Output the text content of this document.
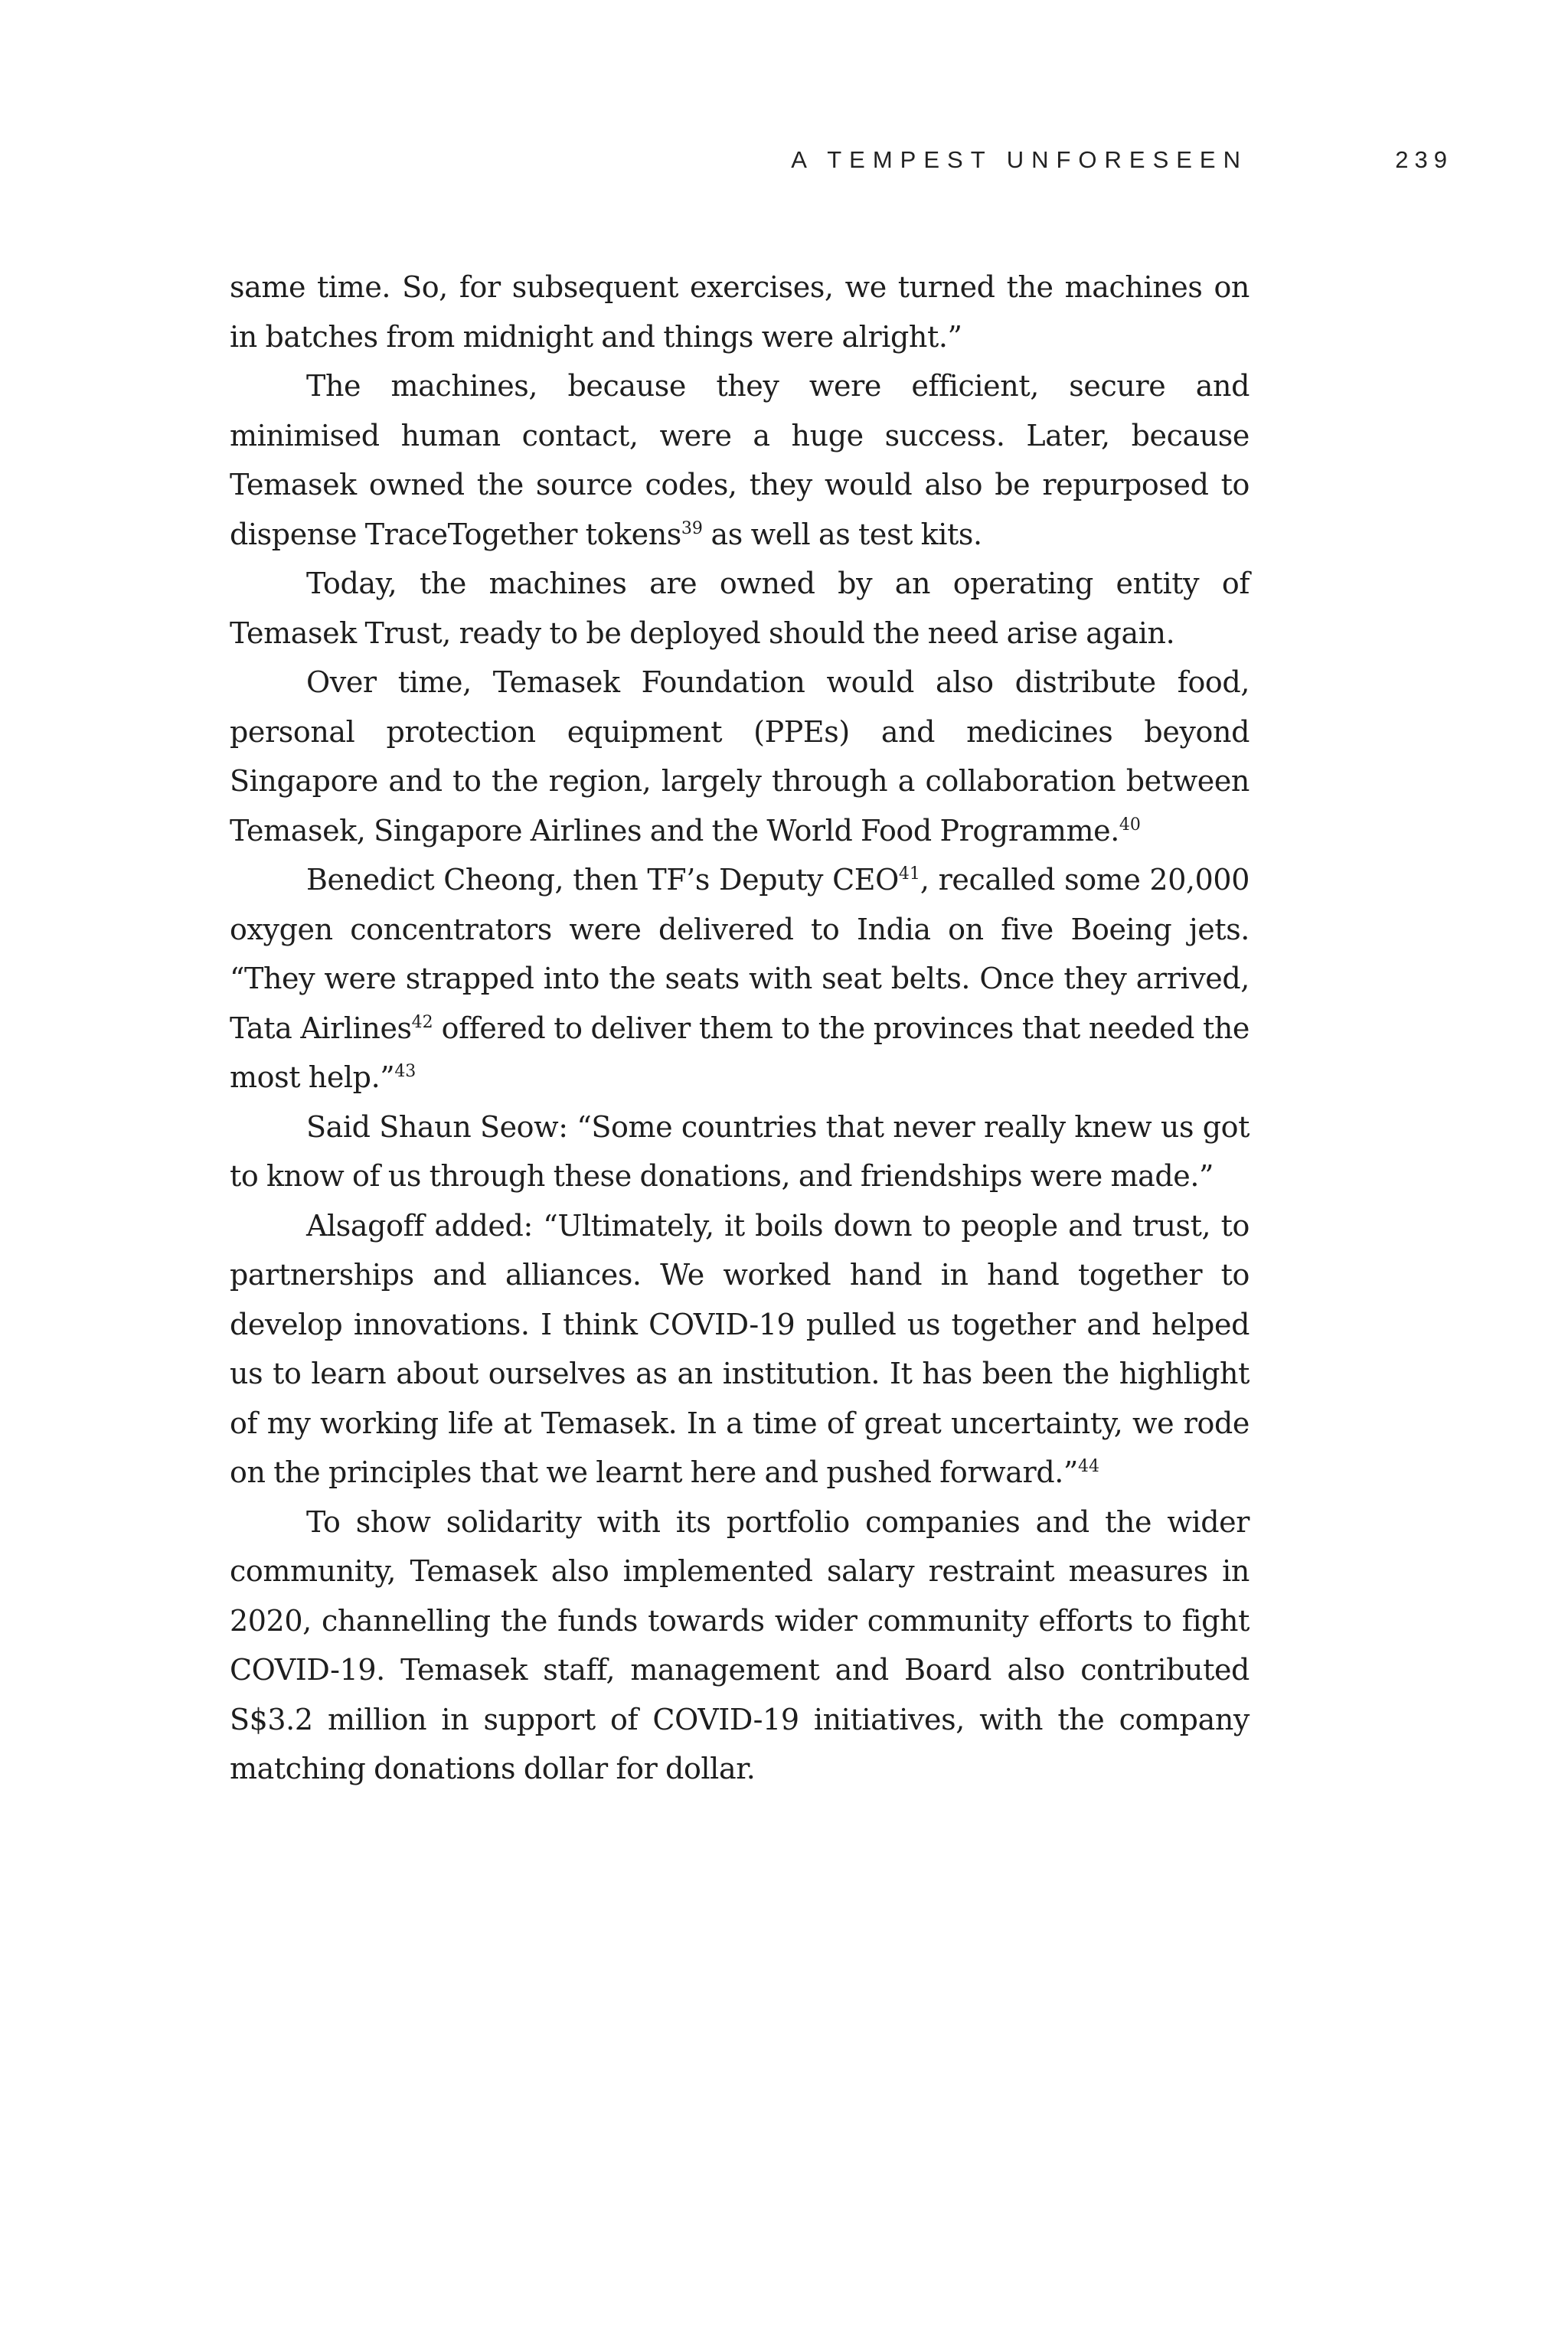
A TEMPEST UNFORESEEN	239

same time. So, for subsequent exercises, we turned the machines on in batches from midnight and things were alright.”

The machines, because they were efficient, secure and minimised human contact, were a huge success. Later, because Temasek owned the source codes, they would also be repurposed to dispense TraceTogether tokens$^{39}$ as well as test kits.

Today, the machines are owned by an operating entity of Temasek Trust, ready to be deployed should the need arise again.

Over time, Temasek Foundation would also distribute food, personal protection equipment (PPEs) and medicines beyond Singapore and to the region, largely through a collaboration between Temasek, Singapore Airlines and the World Food Programme.$^{40}$

Benedict Cheong, then TF’s Deputy CEO$^{41}$, recalled some 20,000 oxygen concentrators were delivered to India on five Boeing jets. “They were strapped into the seats with seat belts. Once they arrived, Tata Airlines$^{42}$ offered to deliver them to the provinces that needed the most help.”$^{43}$

Said Shaun Seow: “Some countries that never really knew us got to know of us through these donations, and friendships were made.”

Alsagoff added: “Ultimately, it boils down to people and trust, to partnerships and alliances. We worked hand in hand together to develop innovations. I think COVID-19 pulled us together and helped us to learn about ourselves as an institution. It has been the highlight of my working life at Temasek. In a time of great uncertainty, we rode on the principles that we learnt here and pushed forward.”$^{44}$

To show solidarity with its portfolio companies and the wider community, Temasek also implemented salary restraint measures in 2020, channelling the funds towards wider community efforts to fight COVID-19. Temasek staff, management and Board also contributed S$3.2 million in support of COVID-19 initiatives, with the company matching donations dollar for dollar.
